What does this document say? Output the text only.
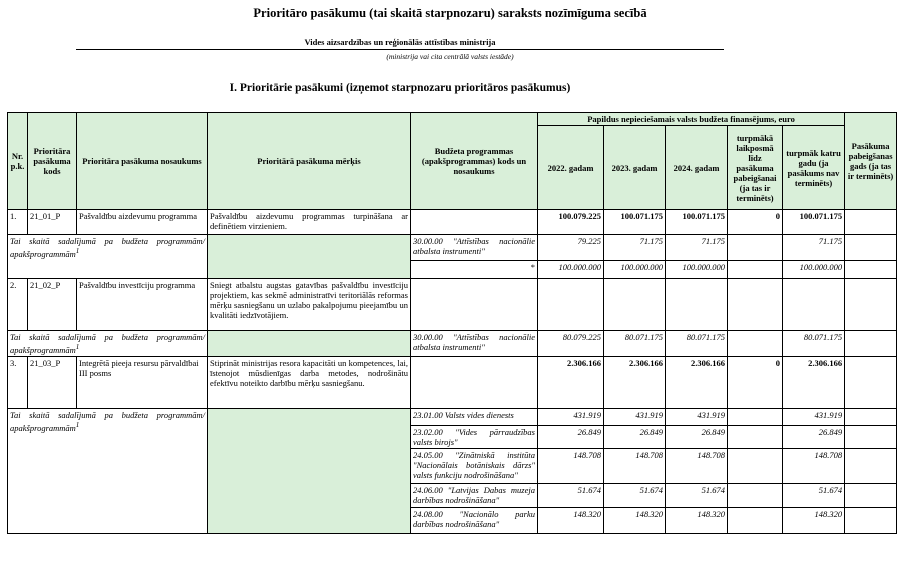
Prioritāro pasākumu (tai skaitā starpnozaru) saraksts nozīmīguma secībā
Vides aizsardzības un reģionālās attīstības ministrija
(ministrija vai cita centrālā valsts iestāde)
I. Prioritārie pasākumi (izņemot starpnozaru prioritāros pasākumus)
Nr. p.k.	Prioritāra pasākuma kods	Prioritāra pasākuma nosaukums	Prioritārā pasākuma mērķis	Budžeta programmas (apakšprogrammas) kods un nosaukums	Papildus nepieciešamais valsts budžeta finansējums, euro					Pasākuma pabeigšanas gads (ja tas ir terminēts)
					2022. gadam	2023. gadam	2024. gadam	turpmākā laikposmā līdz pasākuma pabeigšanai (ja tas ir terminēts)	turpmāk katru gadu (ja pasākums nav terminēts)	
1.	21_01_P	Pašvaldību aizdevumu programma	Pašvaldību aizdevumu programmas turpināšana ar definētiem virzieniem.		100.079.225	100.071.175	100.071.175	0	100.071.175	
Tai skaitā sadalījumā pa budžeta programmām/ apakšprogrammām$^1$				30.00.00 "Attīstības nacionālie atbalsta instrumenti"	79.225	71.175	71.175		71.175	
				*	100.000.000	100.000.000	100.000.000		100.000.000	
2.	21_02_P	Pašvaldību investīciju programma	Sniegt atbalstu augstas gatavības pašvaldību investīciju projektiem, kas sekmē administratīvi teritoriālās reformas mērķu sasniegšanu un uzlabo pakalpojumu pieejamību un kvalitāti iedzīvotājiem.							
Tai skaitā sadalījumā pa budžeta programmām/ apakšprogrammām$^1$				30.00.00 "Attīstības nacionālie atbalsta instrumenti"	80.079.225	80.071.175	80.071.175		80.071.175	
3.	21_03_P	Integrētā pieeja resursu pārvaldībai III posms	Stiprināt ministrijas resora kapacitāti un kompetences, lai, īstenojot mūsdienīgas darba metodes, nodrošinātu efektīvu noteikto darbību mērķu sasniegšanu.		2.306.166	2.306.166	2.306.166	0	2.306.166	
Tai skaitā sadalījumā pa budžeta programmām/ apakšprogrammām$^1$				23.01.00 Valsts vides dienests	431.919	431.919	431.919		431.919	
				23.02.00 "Vides pārraudzības valsts birojs"	26.849	26.849	26.849		26.849	
				24.05.00 "Zinātniskā institūta "Nacionālais botāniskais dārzs" valsts funkciju nodrošināšana"	148.708	148.708	148.708		148.708	
				24.06.00 "Latvijas Dabas muzeja darbības nodrošināšana"	51.674	51.674	51.674		51.674	
				24.08.00 "Nacionālo parku darbības nodrošināšana"	148.320	148.320	148.320		148.320	
